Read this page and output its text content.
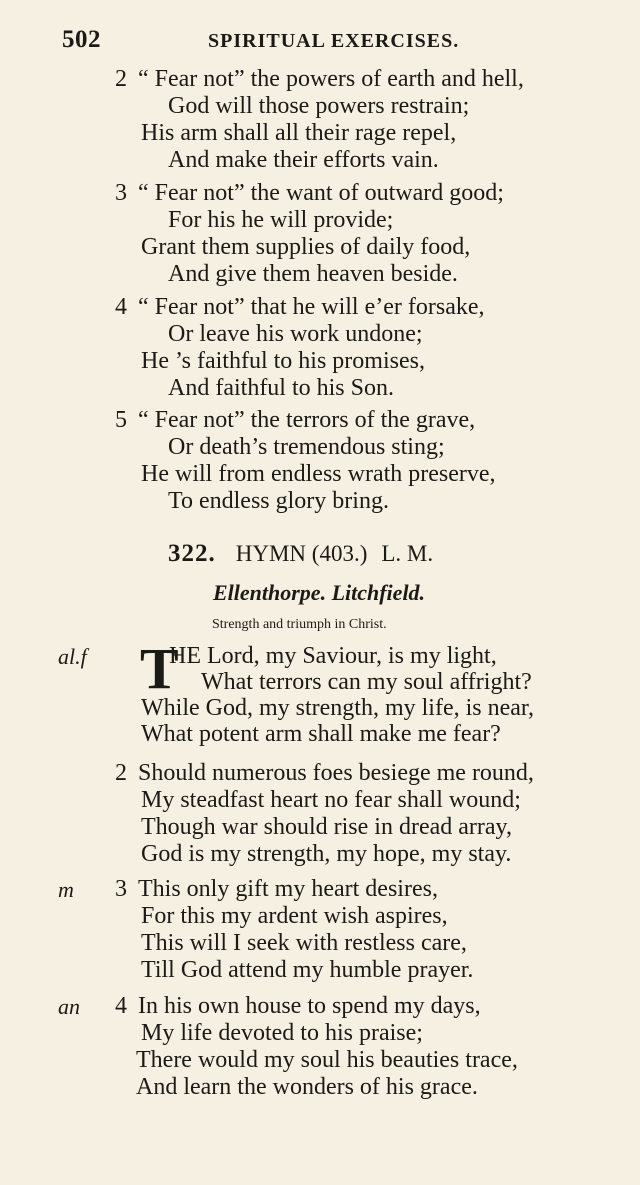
502	SPIRITUAL EXERCISES.
2 “ Fear not” the powers of earth and hell,
God will those powers restrain;
His arm shall all their rage repel,
And make their efforts vain.
3 “ Fear not” the want of outward good;
For his he will provide;
Grant them supplies of daily food,
And give them heaven beside.
4 “ Fear not” that he will e’er forsake,
Or leave his work undone;
He ’s faithful to his promises,
And faithful to his Son.
5 “ Fear not” the terrors of the grave,
Or death’s tremendous sting;
He will from endless wrath preserve,
To endless glory bring.
322. HYMN (403.) L. M.
Ellenthorpe. Litchfield.
Strength and triumph in Christ.
al.f	HE Lord, my Saviour, is my light,
What terrors can my soul affright?
While God, my strength, my life, is near,
What potent arm shall make me fear?
T
2 Should numerous foes besiege me round,
My steadfast heart no fear shall wound;
Though war should rise in dread array,
God is my strength, my hope, my stay.
m 3 This only gift my heart desires,
For this my ardent wish aspires,
This will I seek with restless care,
Till God attend my humble prayer.
an 4 In his own house to spend my days,
My life devoted to his praise;
There would my soul his beauties trace,
And learn the wonders of his grace.
